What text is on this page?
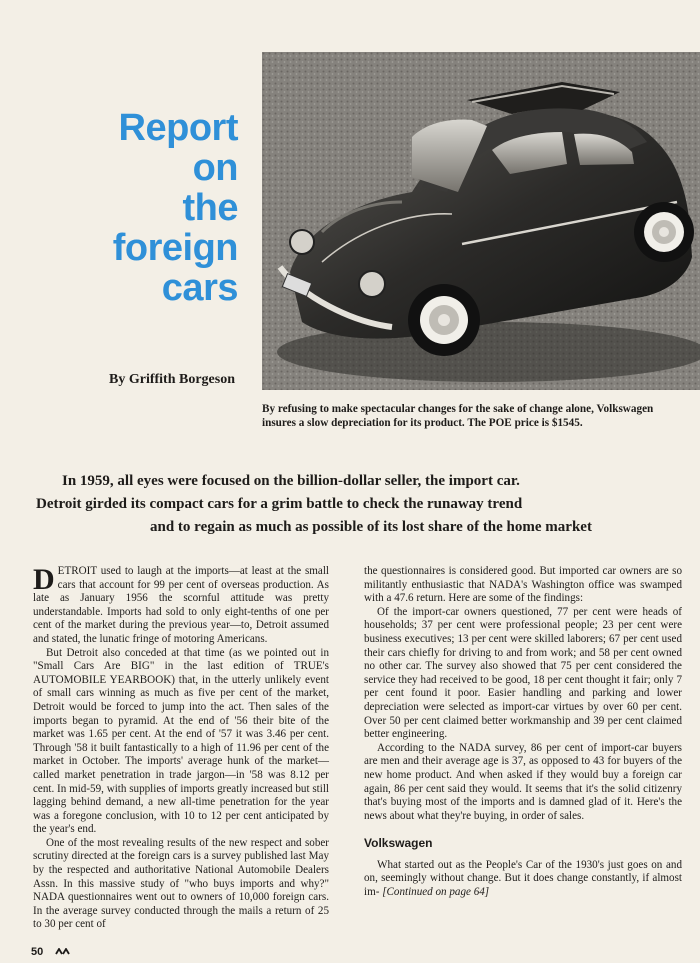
Report
on
the
foreign
cars
By Griffith Borgeson
By refusing to make spectacular changes for the sake of change alone, Volkswagen insures a slow depreciation for its product. The POE price is $1545.
In 1959, all eyes were focused on the billion-dollar seller, the import car.
Detroit girded its compact cars for a grim battle to check the runaway trend
and to regain as much as possible of its lost share of the home market

DETROIT used to laugh at the imports—at least at the small cars that account for 99 per cent of overseas production. As late as January 1956 the scornful attitude was pretty understandable. Imports had sold to only eight-tenths of one per cent of the market during the previous year—to, Detroit assumed and stated, the lunatic fringe of motoring Americans.

But Detroit also conceded at that time (as we pointed out in "Small Cars Are BIG" in the last edition of TRUE's AUTOMOBILE YEARBOOK) that, in the utterly unlikely event of small cars winning as much as five per cent of the market, Detroit would be forced to jump into the act. Then sales of the imports began to pyramid. At the end of '56 their bite of the market was 1.65 per cent. At the end of '57 it was 3.46 per cent. Through '58 it built fantastically to a high of 11.96 per cent of the market in October. The imports' average hunk of the market—called market penetration in trade jargon—in '58 was 8.12 per cent. In mid-59, with supplies of imports greatly increased but still lagging behind demand, a new all-time penetration for the year was a foregone conclusion, with 10 to 12 per cent anticipated by the year's end.

One of the most revealing results of the new respect and sober scrutiny directed at the foreign cars is a survey published last May by the respected and authoritative National Automobile Dealers Assn. In this massive study of "who buys imports and why?" NADA questionnaires went out to owners of 10,000 foreign cars. In the average survey conducted through the mails a return of 25 to 30 per cent of

the questionnaires is considered good. But imported car owners are so militantly enthusiastic that NADA's Washington office was swamped with a 47.6 return. Here are some of the findings:

Of the import-car owners questioned, 77 per cent were heads of households; 37 per cent were professional people; 23 per cent were business executives; 13 per cent were skilled laborers; 67 per cent used their cars chiefly for driving to and from work; and 58 per cent owned no other car. The survey also showed that 75 per cent considered the service they had received to be good, 18 per cent thought it fair; only 7 per cent found it poor. Easier handling and parking and lower depreciation were selected as import-car virtues by over 60 per cent. Over 50 per cent claimed better workmanship and 39 per cent claimed better engineering.

According to the NADA survey, 86 per cent of import-car buyers are men and their average age is 37, as opposed to 43 for buyers of the new home product. And when asked if they would buy a foreign car again, 86 per cent said they would. It seems that it's the solid citizenry that's buying most of the imports and is damned glad of it. Here's the news about what they're buying, in order of sales.

Volkswagen

What started out as the People's Car of the 1930's just goes on and on, seemingly without change. But it does change constantly, if almost im- [Continued on page 64]

50
